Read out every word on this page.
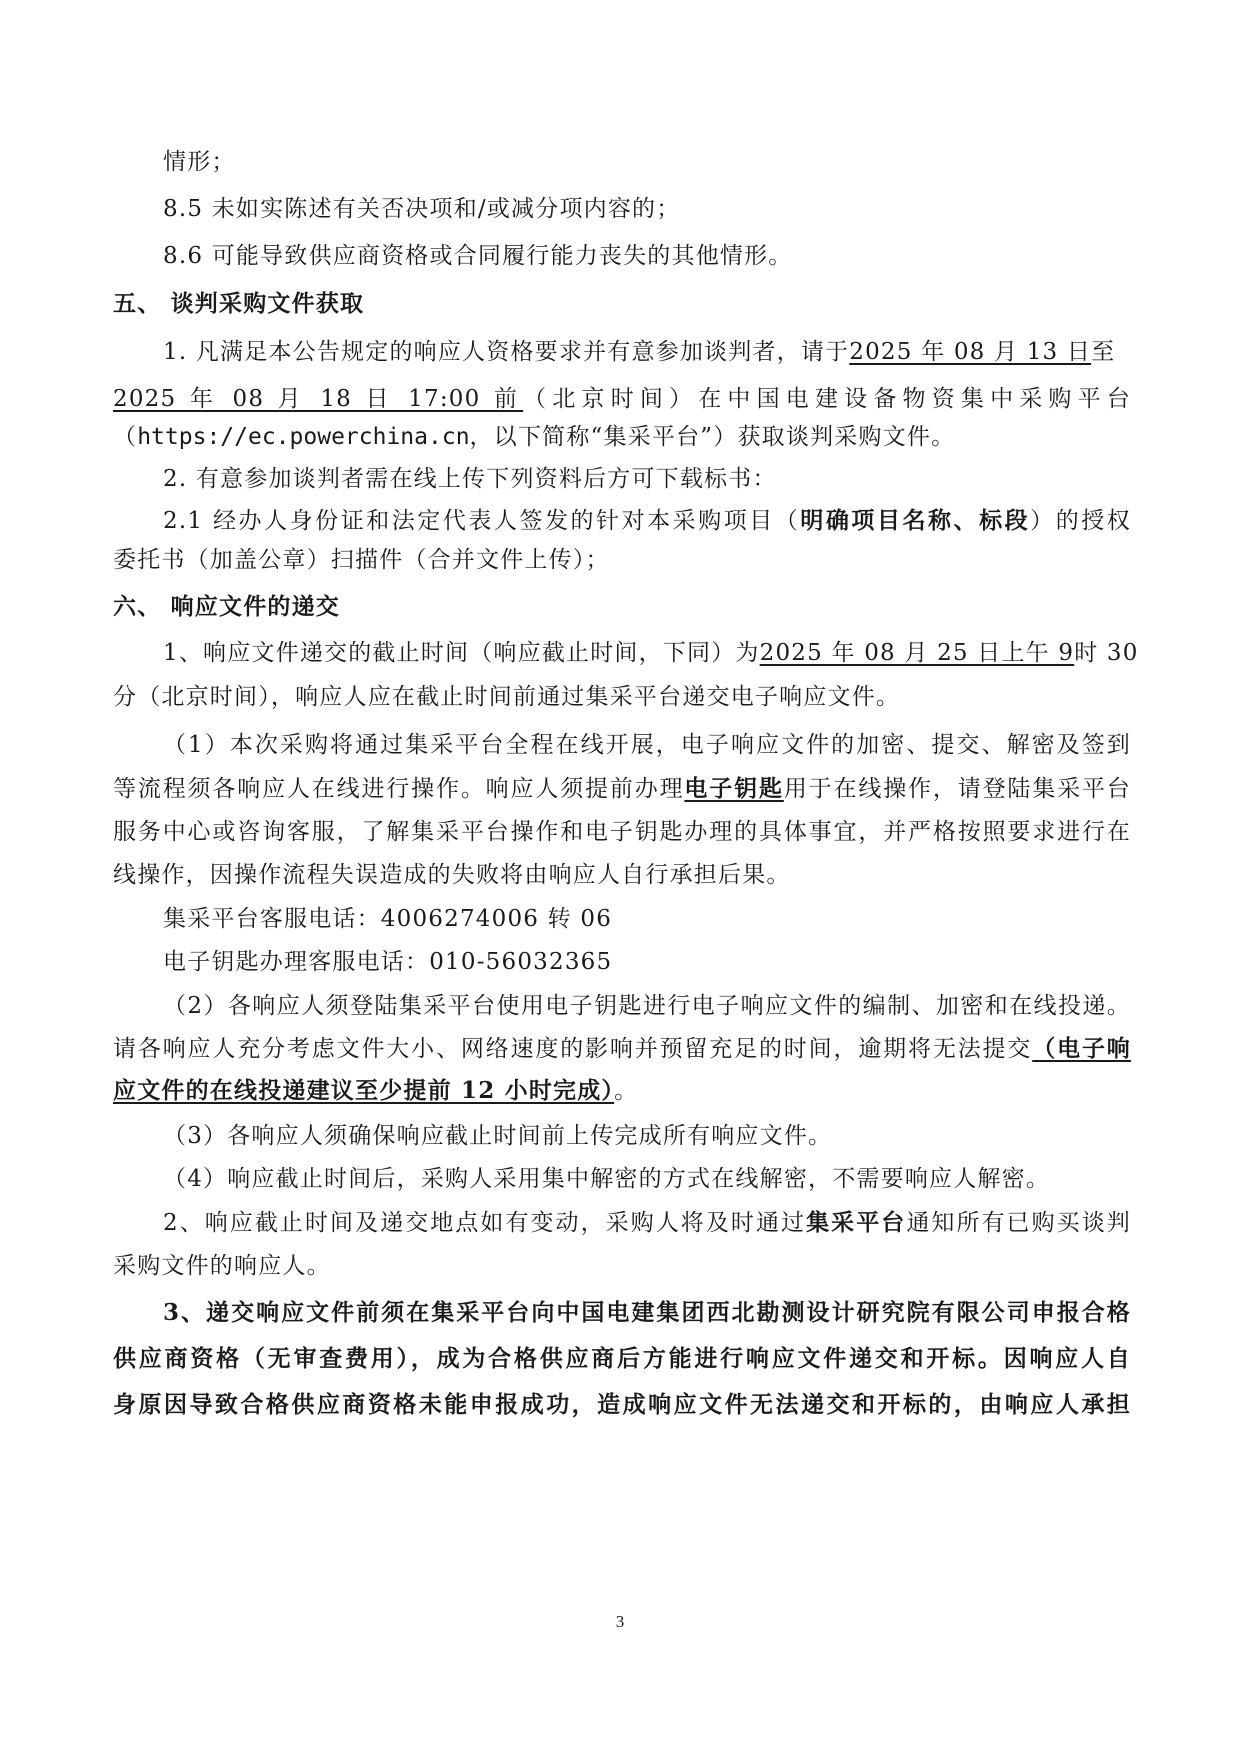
情形；
8.5 未如实陈述有关否决项和/或减分项内容的；
8.6 可能导致供应商资格或合同履行能力丧失的其他情形。
五、 谈判采购文件获取
1. 凡满足本公告规定的响应人资格要求并有意参加谈判者，请于2025 年 08 月 13 日至
2025 年 08 月 18 日 17:00 前（北京时间）在中国电建设备物资集中采购平台
（https://ec.powerchina.cn，以下简称“集采平台”）获取谈判采购文件。
2. 有意参加谈判者需在线上传下列资料后方可下载标书：
2.1 经办人身份证和法定代表人签发的针对本采购项目（明确项目名称、标段）的授权
委托书（加盖公章）扫描件（合并文件上传）；
六、 响应文件的递交
1、响应文件递交的截止时间（响应截止时间，下同）为2025 年 08 月 25 日上午 9时 30
分（北京时间），响应人应在截止时间前通过集采平台递交电子响应文件。
（1）本次采购将通过集采平台全程在线开展，电子响应文件的加密、提交、解密及签到
等流程须各响应人在线进行操作。响应人须提前办理电子钥匙用于在线操作，请登陆集采平台
服务中心或咨询客服，了解集采平台操作和电子钥匙办理的具体事宜，并严格按照要求进行在
线操作，因操作流程失误造成的失败将由响应人自行承担后果。
集采平台客服电话：4006274006 转 06
电子钥匙办理客服电话：010-56032365
（2）各响应人须登陆集采平台使用电子钥匙进行电子响应文件的编制、加密和在线投递。
请各响应人充分考虑文件大小、网络速度的影响并预留充足的时间，逾期将无法提交（电子响
应文件的在线投递建议至少提前 12 小时完成）。
（3）各响应人须确保响应截止时间前上传完成所有响应文件。
（4）响应截止时间后，采购人采用集中解密的方式在线解密，不需要响应人解密。
2、响应截止时间及递交地点如有变动，采购人将及时通过集采平台通知所有已购买谈判
采购文件的响应人。
3、递交响应文件前须在集采平台向中国电建集团西北勘测设计研究院有限公司申报合格
供应商资格（无审查费用），成为合格供应商后方能进行响应文件递交和开标。因响应人自
身原因导致合格供应商资格未能申报成功，造成响应文件无法递交和开标的，由响应人承担
3
